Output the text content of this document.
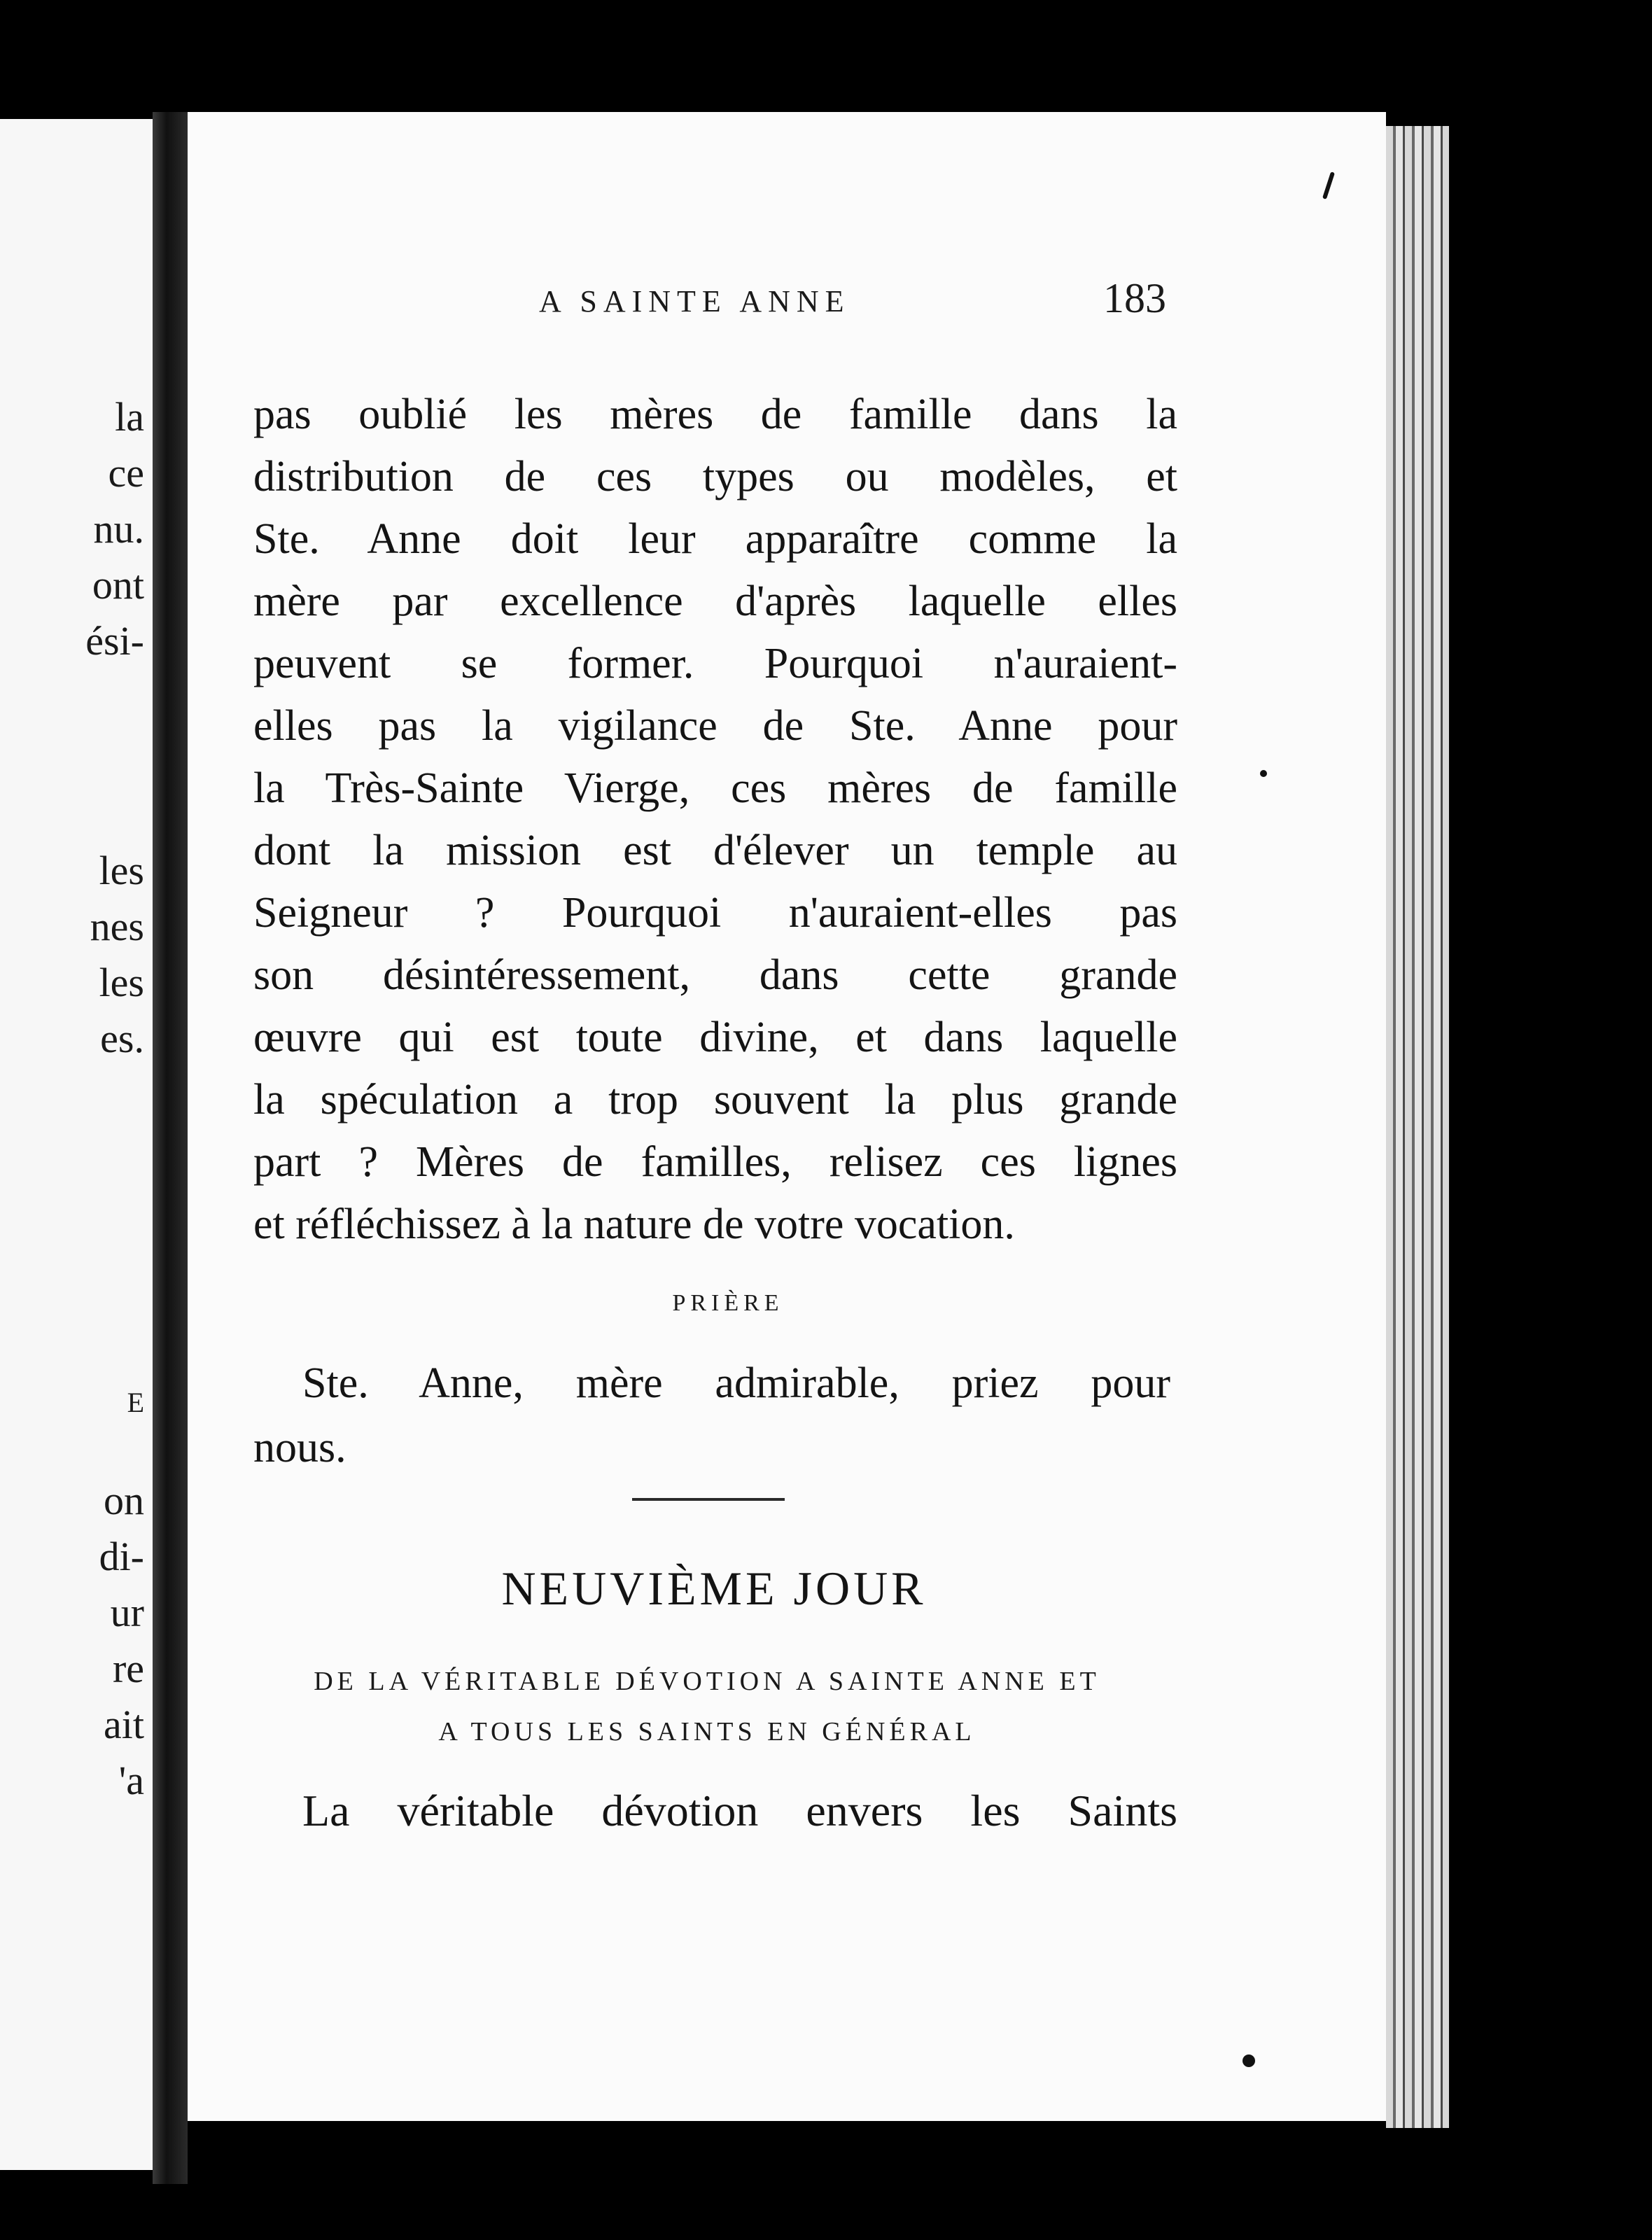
la
ce
nu.
ont
ési-
les
nes
les
es.
E
on
di-
ur
re
ait
'a
A SAINTE ANNE	183
pas oublié les mères de famille dans la
distribution de ces types ou modèles, et
Ste. Anne doit leur apparaître comme la
mère par excellence d'après laquelle elles
peuvent se former. Pourquoi n'auraient-
elles pas la vigilance de Ste. Anne pour
la Très-Sainte Vierge, ces mères de famille
dont la mission est d'élever un temple au
Seigneur ? Pourquoi n'auraient-elles pas
son désintéressement, dans cette grande
œuvre qui est toute divine, et dans laquelle
la spéculation a trop souvent la plus grande
part ? Mères de familles, relisez ces lignes
et réfléchissez à la nature de votre vocation.
PRIÈRE
Ste. Anne, mère admirable, priez pour
nous.
NEUVIÈME JOUR
DE LA VÉRITABLE DÉVOTION A SAINTE ANNE ET
A TOUS LES SAINTS EN GÉNÉRAL
La véritable dévotion envers les Saints
